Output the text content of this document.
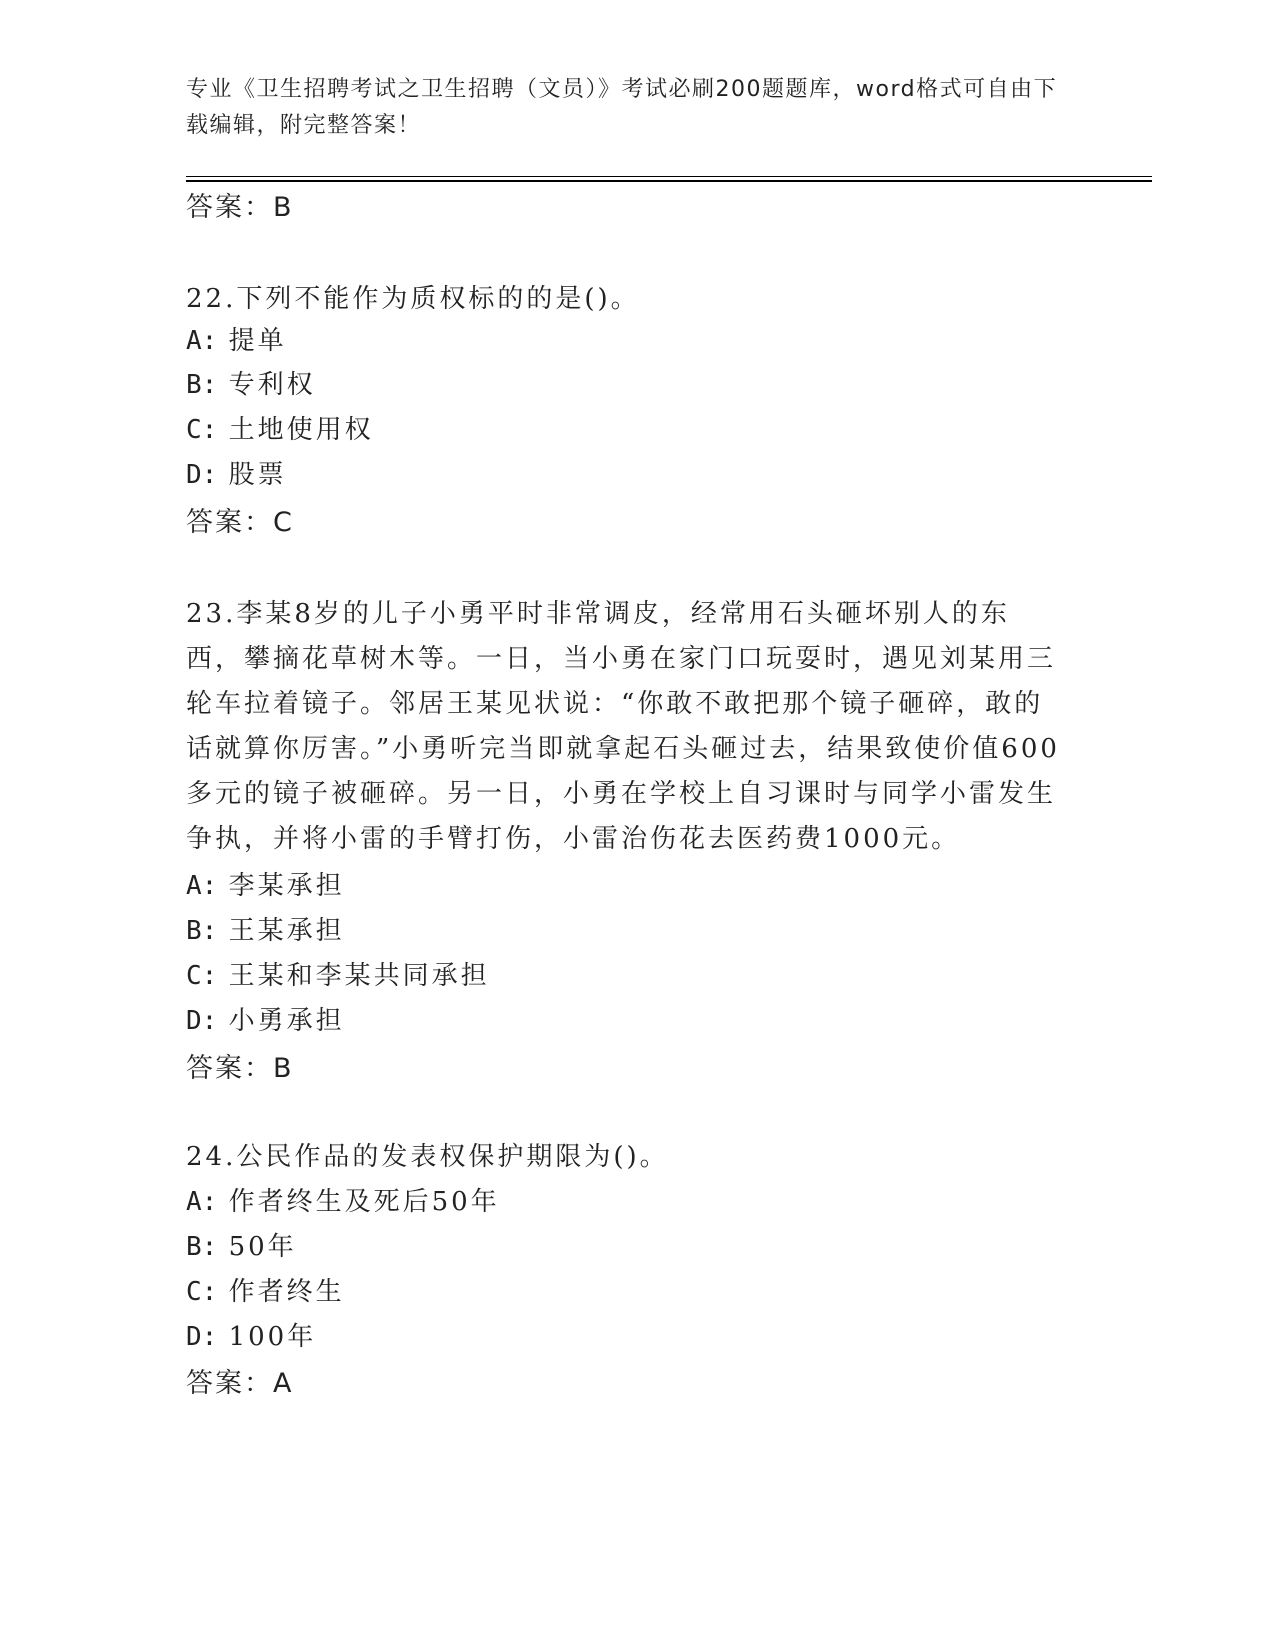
专业《卫生招聘考试之卫生招聘（文员）》考试必刷200题题库，word格式可自由下载编辑，附完整答案！

答案：B

22.下列不能作为质权标的的是()。

A: 提单

B: 专利权

C: 土地使用权

D: 股票

答案：C

23.李某8岁的儿子小勇平时非常调皮，经常用石头砸坏别人的东西，攀摘花草树木等。一日，当小勇在家门口玩耍时，遇见刘某用三轮车拉着镜子。邻居王某见状说：“你敢不敢把那个镜子砸碎，敢的话就算你厉害。”小勇听完当即就拿起石头砸过去，结果致使价值600多元的镜子被砸碎。另一日，小勇在学校上自习课时与同学小雷发生争执，并将小雷的手臂打伤，小雷治伤花去医药费1000元。

A: 李某承担

B: 王某承担

C: 王某和李某共同承担

D: 小勇承担

答案：B

24.公民作品的发表权保护期限为()。

A: 作者终生及死后50年

B: 50年

C: 作者终生

D: 100年

答案：A
